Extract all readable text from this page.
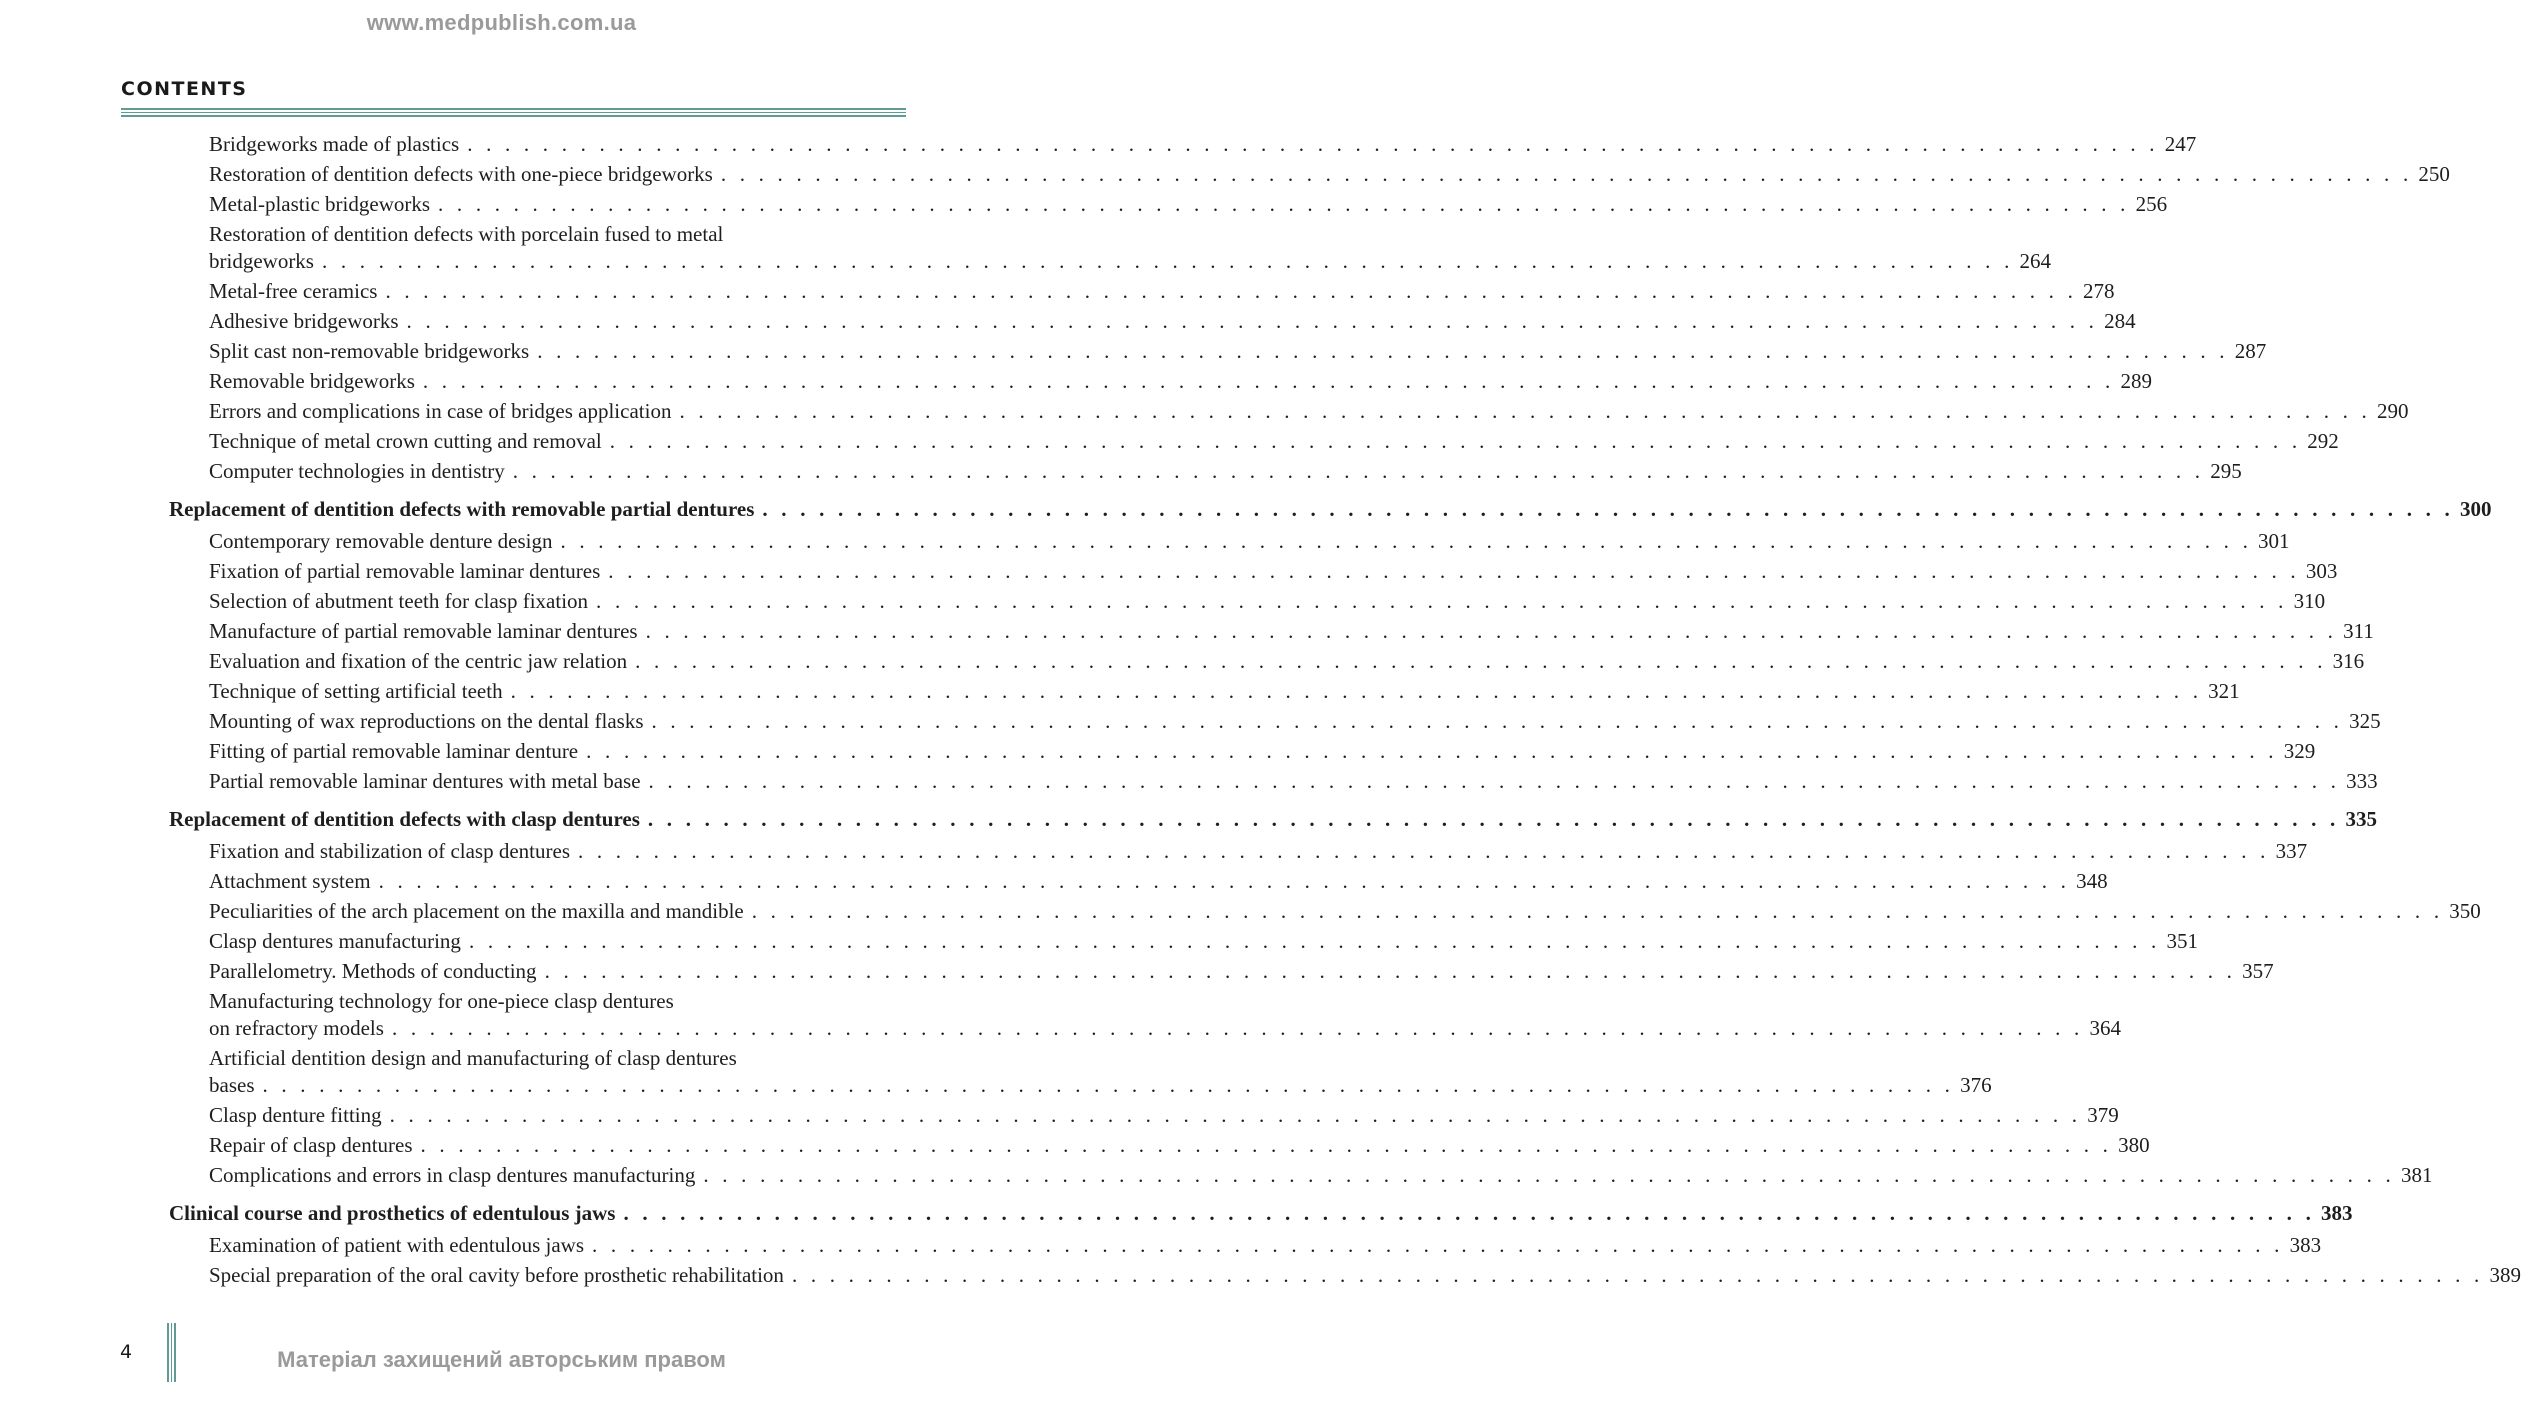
www.medpublish.com.ua
CONTENTS
Bridgeworks made of plastics . . . . . . . . . . . . . . . . . . . . . . . . . . . . . . . . . . . . . . . . . . . . . . . . . . . . . . . . . . . . . . . . . . . . . . . . . . . . . . . . . . . . . . . . . . 247
Restoration of dentition defects with one-piece bridgeworks . . . . . . . . . . . . . . . . . . . . . . . . . . . . . . . . . . . . . . . . . . . . . . . . . . . . . . . . . . . . . . . . . . . . . . . . . . . . . . . . . . . . . . . . . . 250
Metal-plastic bridgeworks . . . . . . . . . . . . . . . . . . . . . . . . . . . . . . . . . . . . . . . . . . . . . . . . . . . . . . . . . . . . . . . . . . . . . . . . . . . . . . . . . . . . . . . . . . 256
Restoration of dentition defects with porcelain fused to metal
bridgeworks . . . . . . . . . . . . . . . . . . . . . . . . . . . . . . . . . . . . . . . . . . . . . . . . . . . . . . . . . . . . . . . . . . . . . . . . . . . . . . . . . . . . . . . . . . 264
Metal-free ceramics . . . . . . . . . . . . . . . . . . . . . . . . . . . . . . . . . . . . . . . . . . . . . . . . . . . . . . . . . . . . . . . . . . . . . . . . . . . . . . . . . . . . . . . . . . 278
Adhesive bridgeworks . . . . . . . . . . . . . . . . . . . . . . . . . . . . . . . . . . . . . . . . . . . . . . . . . . . . . . . . . . . . . . . . . . . . . . . . . . . . . . . . . . . . . . . . . . 284
Split cast non-removable bridgeworks . . . . . . . . . . . . . . . . . . . . . . . . . . . . . . . . . . . . . . . . . . . . . . . . . . . . . . . . . . . . . . . . . . . . . . . . . . . . . . . . . . . . . . . . . . 287
Removable bridgeworks . . . . . . . . . . . . . . . . . . . . . . . . . . . . . . . . . . . . . . . . . . . . . . . . . . . . . . . . . . . . . . . . . . . . . . . . . . . . . . . . . . . . . . . . . . 289
Errors and complications in case of bridges application . . . . . . . . . . . . . . . . . . . . . . . . . . . . . . . . . . . . . . . . . . . . . . . . . . . . . . . . . . . . . . . . . . . . . . . . . . . . . . . . . . . . . . . . . . 290
Technique of metal crown cutting and removal . . . . . . . . . . . . . . . . . . . . . . . . . . . . . . . . . . . . . . . . . . . . . . . . . . . . . . . . . . . . . . . . . . . . . . . . . . . . . . . . . . . . . . . . . . 292
Computer technologies in dentistry . . . . . . . . . . . . . . . . . . . . . . . . . . . . . . . . . . . . . . . . . . . . . . . . . . . . . . . . . . . . . . . . . . . . . . . . . . . . . . . . . . . . . . . . . . 295
Replacement of dentition defects with removable partial dentures . . . . . . . . . . . . . . . . . . . . . . . . . . . . . . . . . . . . . . . . . . . . . . . . . . . . . . . . . . . . . . . . . . . . . . . . . . . . . . . . . . . . . . . . . . 300
Contemporary removable denture design . . . . . . . . . . . . . . . . . . . . . . . . . . . . . . . . . . . . . . . . . . . . . . . . . . . . . . . . . . . . . . . . . . . . . . . . . . . . . . . . . . . . . . . . . . 301
Fixation of partial removable laminar dentures . . . . . . . . . . . . . . . . . . . . . . . . . . . . . . . . . . . . . . . . . . . . . . . . . . . . . . . . . . . . . . . . . . . . . . . . . . . . . . . . . . . . . . . . . . 303
Selection of abutment teeth for clasp fixation . . . . . . . . . . . . . . . . . . . . . . . . . . . . . . . . . . . . . . . . . . . . . . . . . . . . . . . . . . . . . . . . . . . . . . . . . . . . . . . . . . . . . . . . . . 310
Manufacture of partial removable laminar dentures . . . . . . . . . . . . . . . . . . . . . . . . . . . . . . . . . . . . . . . . . . . . . . . . . . . . . . . . . . . . . . . . . . . . . . . . . . . . . . . . . . . . . . . . . . 311
Evaluation and fixation of the centric jaw relation . . . . . . . . . . . . . . . . . . . . . . . . . . . . . . . . . . . . . . . . . . . . . . . . . . . . . . . . . . . . . . . . . . . . . . . . . . . . . . . . . . . . . . . . . . 316
Technique of setting artificial teeth . . . . . . . . . . . . . . . . . . . . . . . . . . . . . . . . . . . . . . . . . . . . . . . . . . . . . . . . . . . . . . . . . . . . . . . . . . . . . . . . . . . . . . . . . . 321
Mounting of wax reproductions on the dental flasks . . . . . . . . . . . . . . . . . . . . . . . . . . . . . . . . . . . . . . . . . . . . . . . . . . . . . . . . . . . . . . . . . . . . . . . . . . . . . . . . . . . . . . . . . . 325
Fitting of partial removable laminar denture . . . . . . . . . . . . . . . . . . . . . . . . . . . . . . . . . . . . . . . . . . . . . . . . . . . . . . . . . . . . . . . . . . . . . . . . . . . . . . . . . . . . . . . . . . 329
Partial removable laminar dentures with metal base . . . . . . . . . . . . . . . . . . . . . . . . . . . . . . . . . . . . . . . . . . . . . . . . . . . . . . . . . . . . . . . . . . . . . . . . . . . . . . . . . . . . . . . . . . 333
Replacement of dentition defects with clasp dentures . . . . . . . . . . . . . . . . . . . . . . . . . . . . . . . . . . . . . . . . . . . . . . . . . . . . . . . . . . . . . . . . . . . . . . . . . . . . . . . . . . . . . . . . . . 335
Fixation and stabilization of clasp dentures . . . . . . . . . . . . . . . . . . . . . . . . . . . . . . . . . . . . . . . . . . . . . . . . . . . . . . . . . . . . . . . . . . . . . . . . . . . . . . . . . . . . . . . . . . 337
Attachment system . . . . . . . . . . . . . . . . . . . . . . . . . . . . . . . . . . . . . . . . . . . . . . . . . . . . . . . . . . . . . . . . . . . . . . . . . . . . . . . . . . . . . . . . . . 348
Peculiarities of the arch placement on the maxilla and mandible . . . . . . . . . . . . . . . . . . . . . . . . . . . . . . . . . . . . . . . . . . . . . . . . . . . . . . . . . . . . . . . . . . . . . . . . . . . . . . . . . . . . . . . . . . 350
Clasp dentures manufacturing . . . . . . . . . . . . . . . . . . . . . . . . . . . . . . . . . . . . . . . . . . . . . . . . . . . . . . . . . . . . . . . . . . . . . . . . . . . . . . . . . . . . . . . . . . 351
Parallelometry. Methods of conducting . . . . . . . . . . . . . . . . . . . . . . . . . . . . . . . . . . . . . . . . . . . . . . . . . . . . . . . . . . . . . . . . . . . . . . . . . . . . . . . . . . . . . . . . . . 357
Manufacturing technology for one-piece clasp dentures
on refractory models . . . . . . . . . . . . . . . . . . . . . . . . . . . . . . . . . . . . . . . . . . . . . . . . . . . . . . . . . . . . . . . . . . . . . . . . . . . . . . . . . . . . . . . . . . 364
Artificial dentition design and manufacturing of clasp dentures
bases . . . . . . . . . . . . . . . . . . . . . . . . . . . . . . . . . . . . . . . . . . . . . . . . . . . . . . . . . . . . . . . . . . . . . . . . . . . . . . . . . . . . . . . . . . 376
Clasp denture fitting . . . . . . . . . . . . . . . . . . . . . . . . . . . . . . . . . . . . . . . . . . . . . . . . . . . . . . . . . . . . . . . . . . . . . . . . . . . . . . . . . . . . . . . . . . 379
Repair of clasp dentures . . . . . . . . . . . . . . . . . . . . . . . . . . . . . . . . . . . . . . . . . . . . . . . . . . . . . . . . . . . . . . . . . . . . . . . . . . . . . . . . . . . . . . . . . . 380
Complications and errors in clasp dentures manufacturing . . . . . . . . . . . . . . . . . . . . . . . . . . . . . . . . . . . . . . . . . . . . . . . . . . . . . . . . . . . . . . . . . . . . . . . . . . . . . . . . . . . . . . . . . . 381
Clinical course and prosthetics of edentulous jaws . . . . . . . . . . . . . . . . . . . . . . . . . . . . . . . . . . . . . . . . . . . . . . . . . . . . . . . . . . . . . . . . . . . . . . . . . . . . . . . . . . . . . . . . . . 383
Examination of patient with edentulous jaws . . . . . . . . . . . . . . . . . . . . . . . . . . . . . . . . . . . . . . . . . . . . . . . . . . . . . . . . . . . . . . . . . . . . . . . . . . . . . . . . . . . . . . . . . . 383
Special preparation of the oral cavity before prosthetic rehabilitation . . . . . . . . . . . . . . . . . . . . . . . . . . . . . . . . . . . . . . . . . . . . . . . . . . . . . . . . . . . . . . . . . . . . . . . . . . . . . . . . . . . . . . . . . . 389
4	Матеріал захищений авторським правом
